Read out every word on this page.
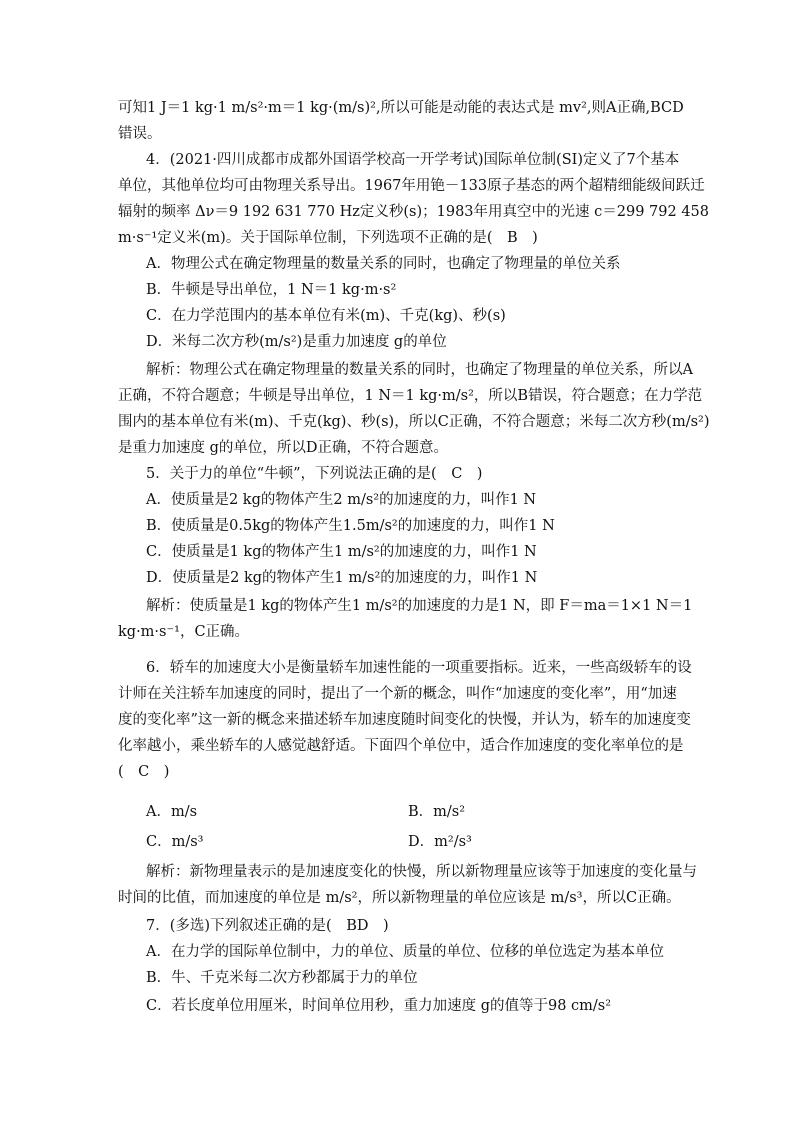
可知1 J＝1 kg·1 m/s²·m＝1 kg·(m/s)²,所以可能是动能的表达式是 mv²,则A正确,BCD
错误。
4．(2021·四川成都市成都外国语学校高一开学考试)国际单位制(SI)定义了7个基本
单位，其他单位均可由物理关系导出。1967年用铯－133原子基态的两个超精细能级间跃迁
辐射的频率 Δν＝9 192 631 770 Hz定义秒(s)；1983年用真空中的光速 c＝299 792 458
m·s⁻¹定义米(m)。关于国际单位制，下列选项不正确的是(　B　)
A．物理公式在确定物理量的数量关系的同时，也确定了物理量的单位关系
B．牛顿是导出单位，1 N＝1 kg·m·s²
C．在力学范围内的基本单位有米(m)、千克(kg)、秒(s)
D．米每二次方秒(m/s²)是重力加速度 g的单位
解析：物理公式在确定物理量的数量关系的同时，也确定了物理量的单位关系，所以A
正确，不符合题意；牛顿是导出单位，1 N＝1 kg·m/s²，所以B错误，符合题意；在力学范
围内的基本单位有米(m)、千克(kg)、秒(s)，所以C正确，不符合题意；米每二次方秒(m/s²)
是重力加速度 g的单位，所以D正确，不符合题意。
5．关于力的单位“牛顿”，下列说法正确的是(　C　)
A．使质量是2 kg的物体产生2 m/s²的加速度的力，叫作1 N
B．使质量是0.5kg的物体产生1.5m/s²的加速度的力，叫作1 N
C．使质量是1 kg的物体产生1 m/s²的加速度的力，叫作1 N
D．使质量是2 kg的物体产生1 m/s²的加速度的力，叫作1 N
解析：使质量是1 kg的物体产生1 m/s²的加速度的力是1 N，即 F＝ma＝1×1 N＝1
kg·m·s⁻¹，C正确。
6．轿车的加速度大小是衡量轿车加速性能的一项重要指标。近来，一些高级轿车的设
计师在关注轿车加速度的同时，提出了一个新的概念，叫作“加速度的变化率”，用“加速
度的变化率”这一新的概念来描述轿车加速度随时间变化的快慢，并认为，轿车的加速度变
化率越小，乘坐轿车的人感觉越舒适。下面四个单位中，适合作加速度的变化率单位的是
(　C　)
A．m/s	B．m/s²
C．m/s³	D．m²/s³
解析：新物理量表示的是加速度变化的快慢，所以新物理量应该等于加速度的变化量与
时间的比值，而加速度的单位是 m/s²，所以新物理量的单位应该是 m/s³，所以C正确。
7．(多选)下列叙述正确的是(　BD　)
A．在力学的国际单位制中，力的单位、质量的单位、位移的单位选定为基本单位
B．牛、千克米每二次方秒都属于力的单位
C．若长度单位用厘米，时间单位用秒，重力加速度 g的值等于98 cm/s²
